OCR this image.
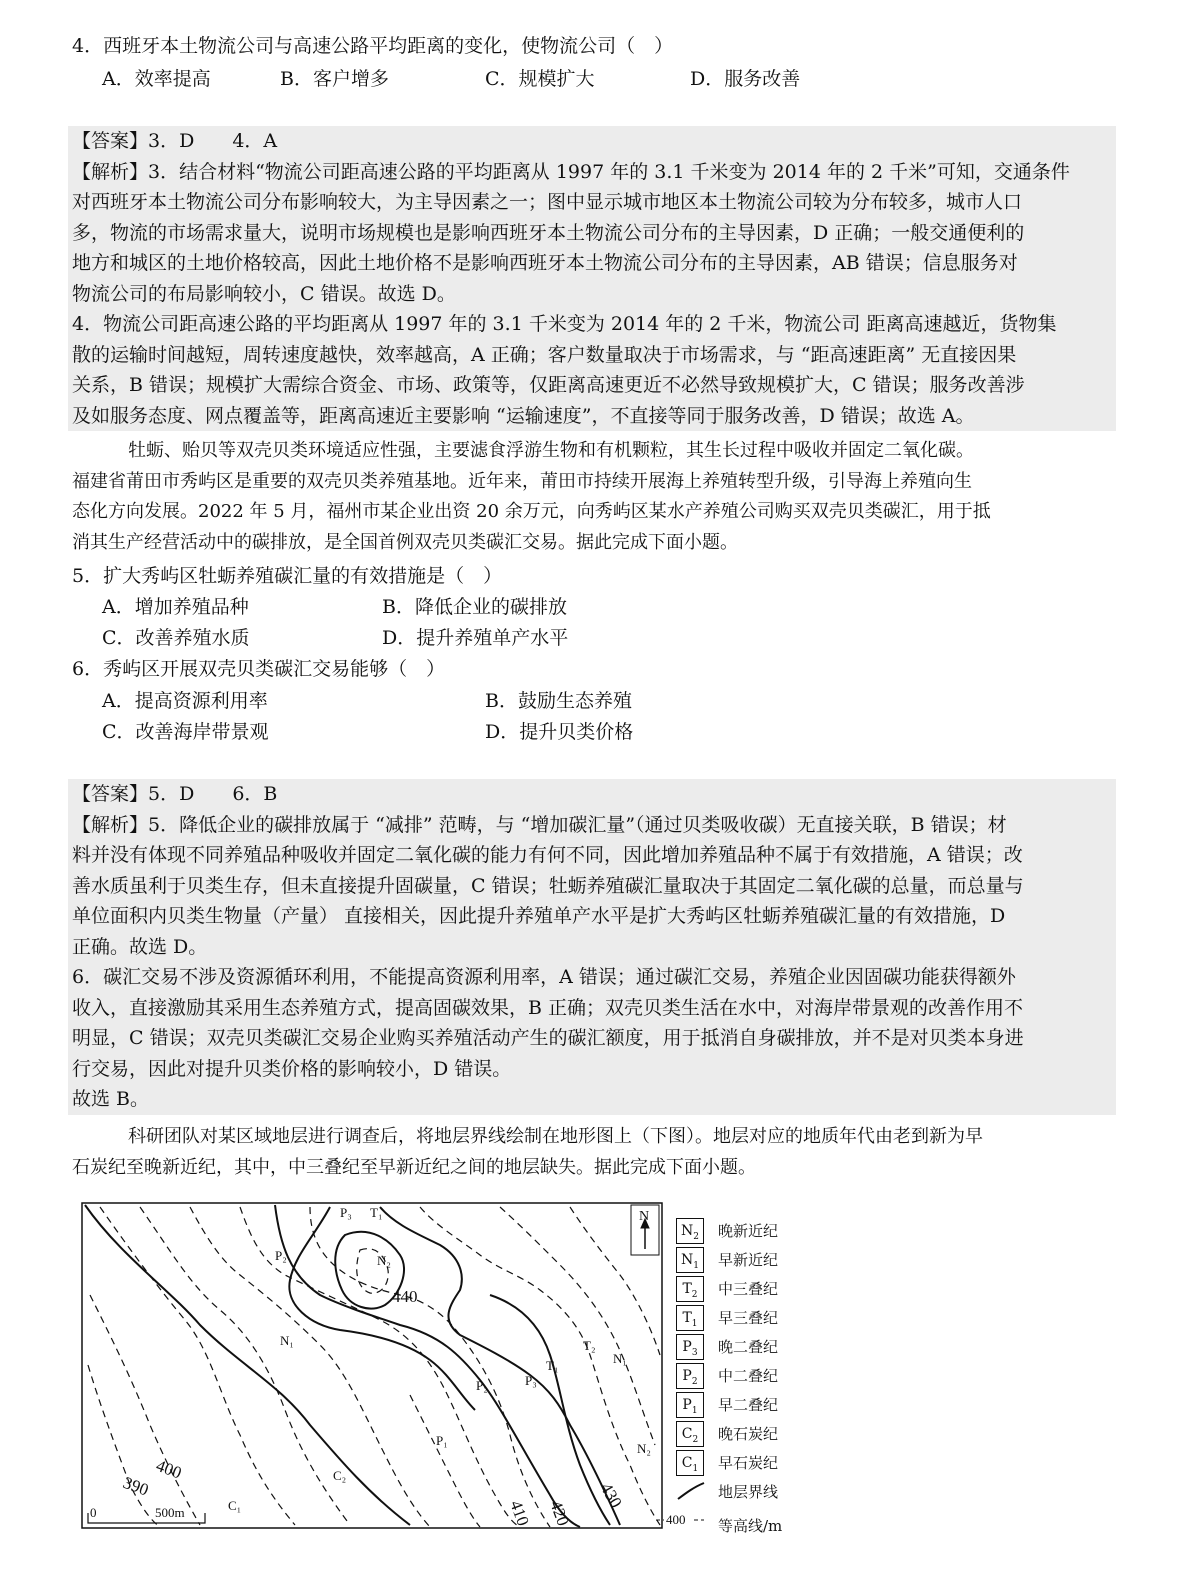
4．西班牙本土物流公司与高速公路平均距离的变化，使物流公司（　）
A．效率提高	B．客户增多	C．规模扩大	D．服务改善
【答案】3．D　　4．A
【解析】3．结合材料“物流公司距高速公路的平均距离从 1997 年的 3.1 千米变为 2014 年的 2 千米”可知，交通条件
对西班牙本土物流公司分布影响较大，为主导因素之一；图中显示城市地区本土物流公司较为分布较多，城市人口
多，物流的市场需求量大，说明市场规模也是影响西班牙本土物流公司分布的主导因素，D 正确；一般交通便利的
地方和城区的土地价格较高，因此土地价格不是影响西班牙本土物流公司分布的主导因素，AB 错误；信息服务对
物流公司的布局影响较小，C 错误。故选 D。
4．物流公司距高速公路的平均距离从 1997 年的 3.1 千米变为 2014 年的 2 千米，物流公司 距离高速越近，货物集
散的运输时间越短，周转速度越快，效率越高，A 正确；客户数量取决于市场需求，与 “距高速距离” 无直接因果
关系，B 错误；规模扩大需综合资金、市场、政策等，仅距离高速更近不必然导致规模扩大，C 错误；服务改善涉
及如服务态度、网点覆盖等，距离高速近主要影响 “运输速度”，不直接等同于服务改善，D 错误；故选 A。
牡蛎、贻贝等双壳贝类环境适应性强，主要滤食浮游生物和有机颗粒，其生长过程中吸收并固定二氧化碳。
福建省莆田市秀屿区是重要的双壳贝类养殖基地。近年来，莆田市持续开展海上养殖转型升级，引导海上养殖向生
态化方向发展。2022 年 5 月，福州市某企业出资 20 余万元，向秀屿区某水产养殖公司购买双壳贝类碳汇，用于抵
消其生产经营活动中的碳排放，是全国首例双壳贝类碳汇交易。据此完成下面小题。
5．扩大秀屿区牡蛎养殖碳汇量的有效措施是（　）
A．增加养殖品种	B．降低企业的碳排放
C．改善养殖水质	D．提升养殖单产水平
6．秀屿区开展双壳贝类碳汇交易能够（　）
A．提高资源利用率	B．鼓励生态养殖
C．改善海岸带景观	D．提升贝类价格
【答案】5．D　　6．B
【解析】5．降低企业的碳排放属于 “减排” 范畴，与 “增加碳汇量”（通过贝类吸收碳）无直接关联，B 错误；材
料并没有体现不同养殖品种吸收并固定二氧化碳的能力有何不同，因此增加养殖品种不属于有效措施，A 错误；改
善水质虽利于贝类生存，但未直接提升固碳量，C 错误；牡蛎养殖碳汇量取决于其固定二氧化碳的总量，而总量与
单位面积内贝类生物量（产量） 直接相关，因此提升养殖单产水平是扩大秀屿区牡蛎养殖碳汇量的有效措施，D
正确。故选 D。
6．碳汇交易不涉及资源循环利用，不能提高资源利用率，A 错误；通过碳汇交易，养殖企业因固碳功能获得额外
收入，直接激励其采用生态养殖方式，提高固碳效果，B 正确；双壳贝类生活在水中，对海岸带景观的改善作用不
明显，C 错误；双壳贝类碳汇交易企业购买养殖活动产生的碳汇额度，用于抵消自身碳排放，并不是对贝类本身进
行交易，因此对提升贝类价格的影响较小，D 错误。
故选 B。
科研团队对某区域地层进行调查后，将地层界线绘制在地形图上（下图）。地层对应的地质年代由老到新为早
石炭纪至晚新近纪，其中，中三叠纪至早新近纪之间的地层缺失。据此完成下面小题。
N
0	500m
400
390
410 420
430
440
P₃ T₁
P₂	N₂
N₁	T₂
N₁
T₁
P₂	P₃
P₁
N₂
C₂
C₁
$N_2$	晚新近纪
$N_1$	早新近纪
$T_2$	中三叠纪
$T_1$	早三叠纪
$P_3$	晚二叠纪
$P_2$	中二叠纪
$P_1$	早二叠纪
$C_2$	晚石炭纪
$C_1$	早石炭纪
地层界线
400 等高线/m
